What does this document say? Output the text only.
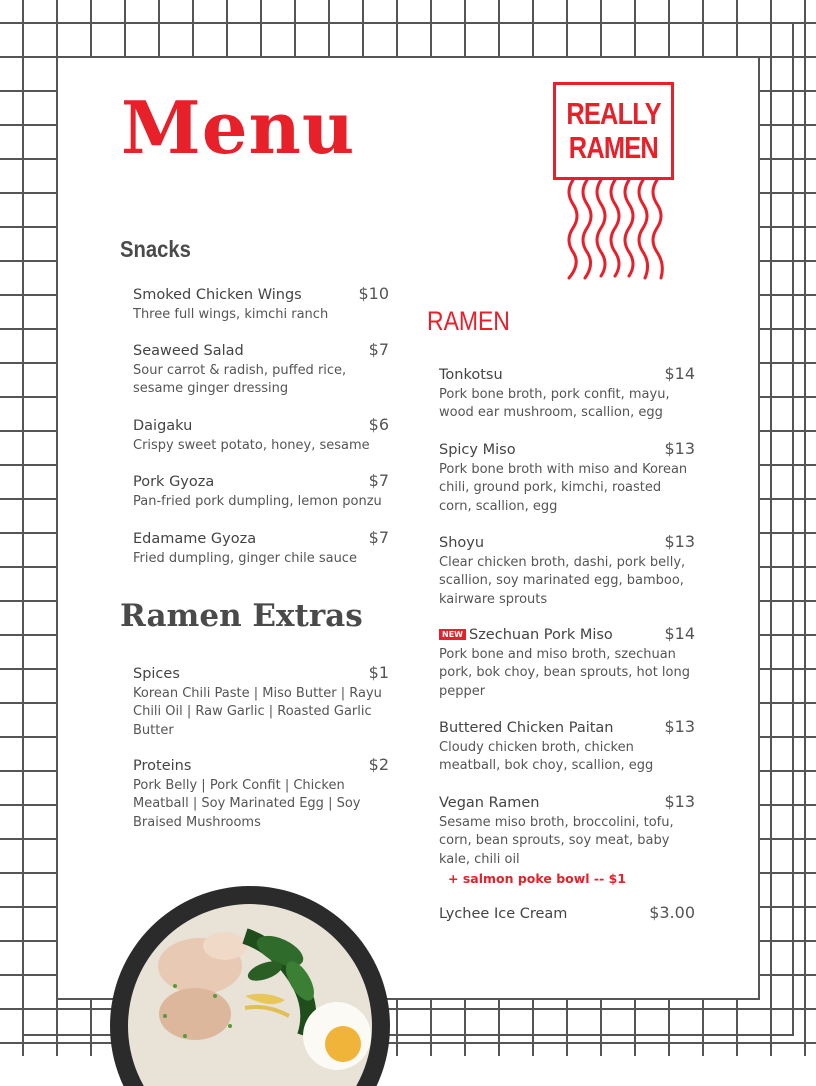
Menu	REALLY
RAMEN
Snacks
Smoked Chicken Wings	$10
Three full wings, kimchi ranch
Seaweed Salad	$7
Sour carrot & radish, puffed rice, sesame ginger dressing
Daigaku	$6
Crispy sweet potato, honey, sesame
Pork Gyoza	$7
Pan-fried pork dumpling, lemon ponzu
Edamame Gyoza	$7
Fried dumpling, ginger chile sauce
Ramen Extras
Spices	$1
Korean Chili Paste | Miso Butter | Rayu Chili Oil | Raw Garlic | Roasted Garlic Butter
Proteins	$2
Pork Belly | Pork Confit | Chicken Meatball | Soy Marinated Egg | Soy Braised Mushrooms
RAMEN
Tonkotsu	$14
Pork bone broth, pork confit, mayu, wood ear mushroom, scallion, egg
Spicy Miso	$13
Pork bone broth with miso and Korean chili, ground pork, kimchi, roasted corn, scallion, egg
Shoyu	$13
Clear chicken broth, dashi, pork belly, scallion, soy marinated egg, bamboo, kairware sprouts
NEW Szechuan Pork Miso	$14
Pork bone and miso broth, szechuan pork, bok choy, bean sprouts, hot long pepper
Buttered Chicken Paitan	$13
Cloudy chicken broth, chicken meatball, bok choy, scallion, egg
Vegan Ramen	$13
Sesame miso broth, broccolini, tofu, corn, bean sprouts, soy meat, baby kale, chili oil
+ salmon poke bowl -- $1
Lychee Ice Cream	$3.00
